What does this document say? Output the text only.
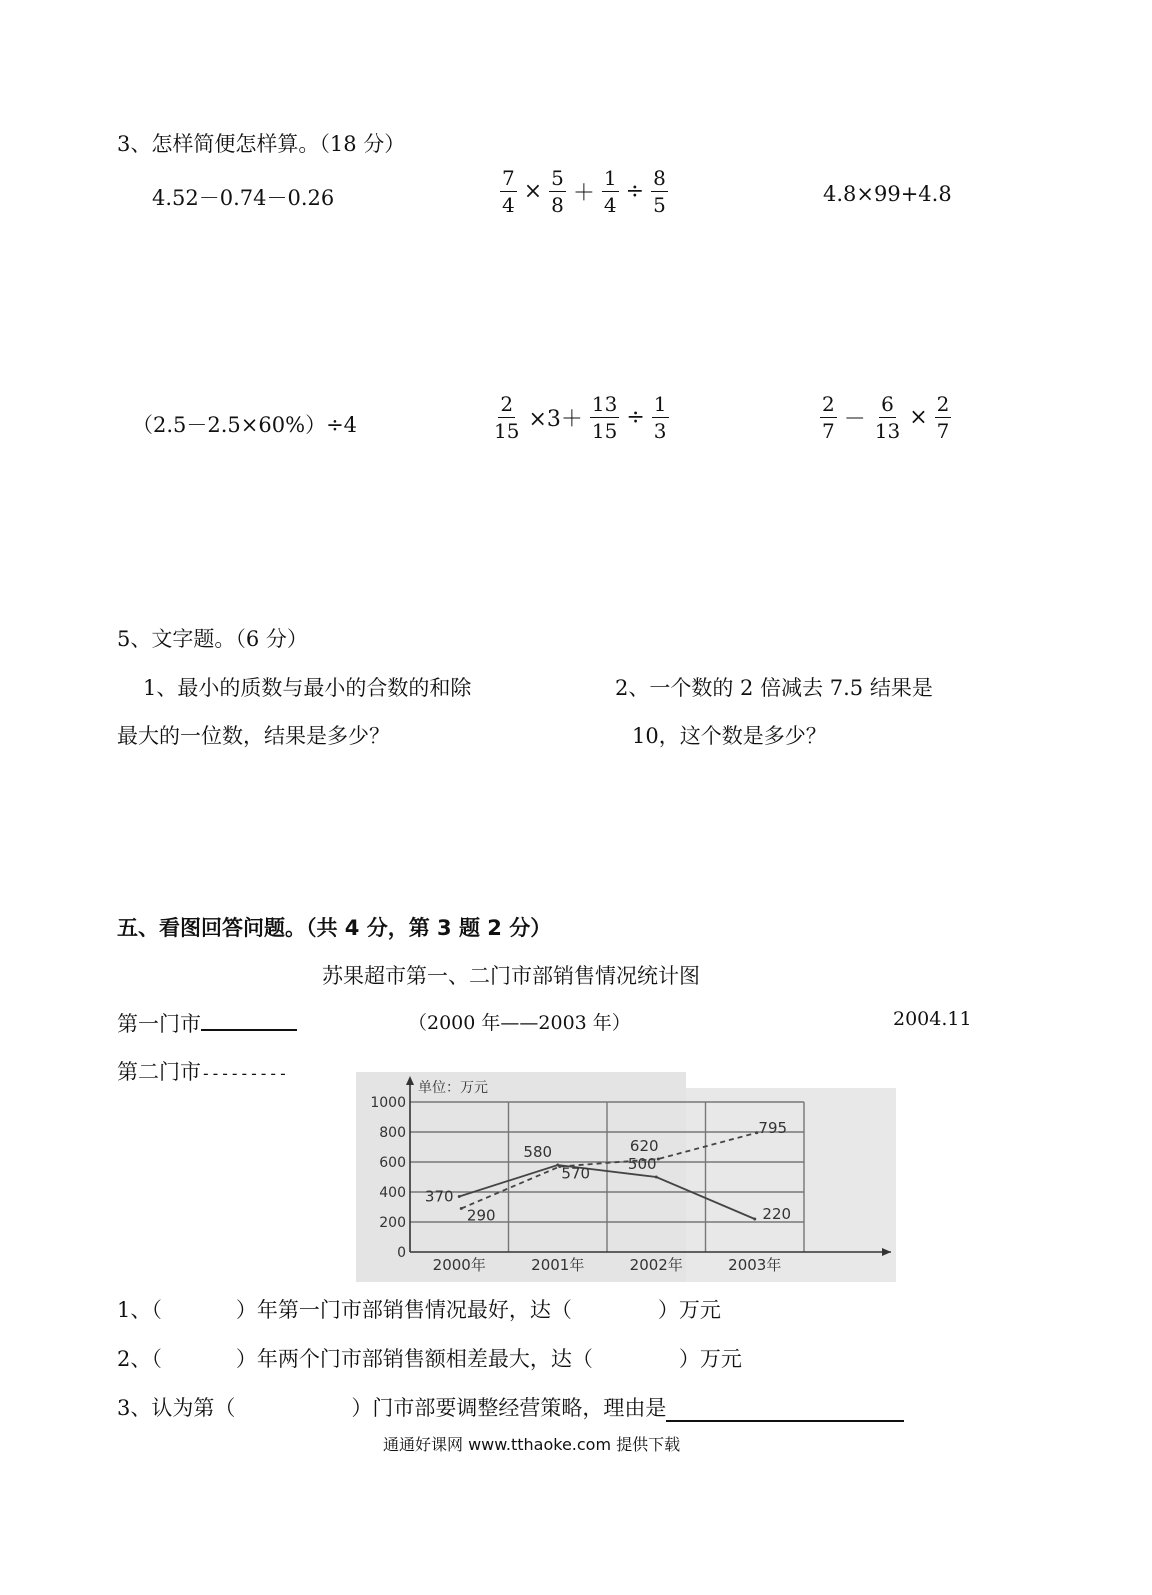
3、怎样简便怎样算。（18 分）
4.52－0.74－0.26	$\frac{7}{4} \times \frac{5}{8} + \frac{1}{4} \div \frac{8}{5}$	4.8×99+4.8
（2.5－2.5×60%）÷4	$\frac{2}{15} \times 3+ \frac{13}{15} \div \frac{1}{3}$	$\frac{2}{7} - \frac{6}{13} \times \frac{2}{7}$
5、文字题。（6 分）
1、最小的质数与最小的合数的和除
最大的一位数，结果是多少？
2、一个数的 2 倍减去 7.5 结果是
10，这个数是多少？
五、看图回答问题。（共 4 分，第 3 题 2 分）
苏果超市第一、二门市部销售情况统计图
第一门市	（2000 年——2003 年）	2004.11
第二门市---------
0
200
400
600
800
1000
单位：万元
2000年	2001年	2002年	2003年
370
580
500
220
290
570
620
795
1、（	）年第一门市部销售情况最好，达（	）万元
2、（	）年两个门市部销售额相差最大，达（	）万元
3、认为第（	）门市部要调整经营策略，理由是
通通好课网 www.tthaoke.com 提供下载
